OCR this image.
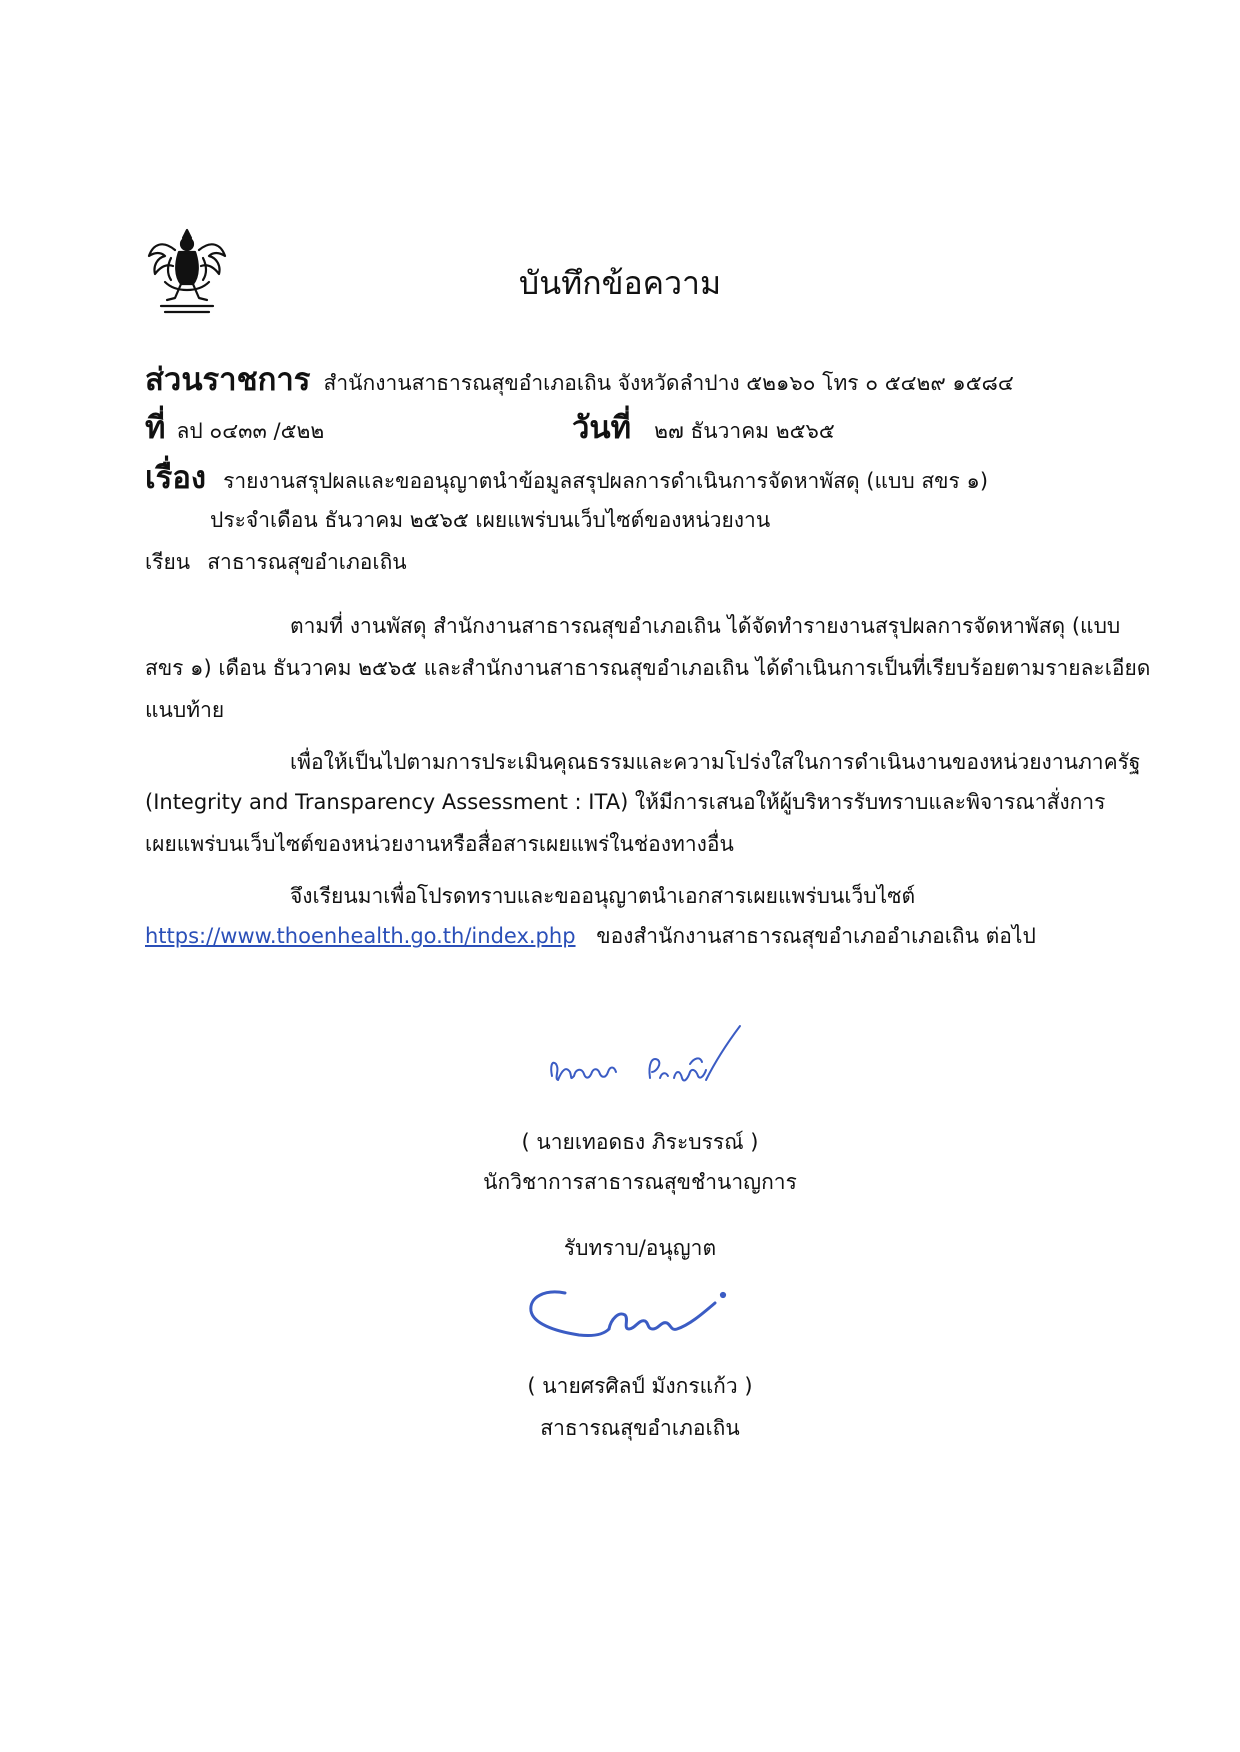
บันทึกข้อความ
ส่วนราชการ สำนักงานสาธารณสุขอำเภอเถิน จังหวัดลำปาง ๕๒๑๖๐ โทร ๐ ๕๔๒๙ ๑๕๘๔
ที่ ลป ๐๔๓๓ /๕๒๒	วันที่ ๒๗ ธันวาคม ๒๕๖๕
เรื่อง รายงานสรุปผลและขออนุญาตนำข้อมูลสรุปผลการดำเนินการจัดหาพัสดุ (แบบ สขร ๑)
ประจำเดือน ธันวาคม ๒๕๖๕ เผยแพร่บนเว็บไซต์ของหน่วยงาน
เรียน สาธารณสุขอำเภอเถิน
ตามที่ งานพัสดุ สำนักงานสาธารณสุขอำเภอเถิน ได้จัดทำรายงานสรุปผลการจัดหาพัสดุ (แบบ
สขร ๑) เดือน ธันวาคม ๒๕๖๕ และสำนักงานสาธารณสุขอำเภอเถิน ได้ดำเนินการเป็นที่เรียบร้อยตามรายละเอียด
แนบท้าย
เพื่อให้เป็นไปตามการประเมินคุณธรรมและความโปร่งใสในการดำเนินงานของหน่วยงานภาครัฐ
(Integrity and Transparency Assessment : ITA) ให้มีการเสนอให้ผู้บริหารรับทราบและพิจารณาสั่งการ
เผยแพร่บนเว็บไซต์ของหน่วยงานหรือสื่อสารเผยแพร่ในช่องทางอื่น
จึงเรียนมาเพื่อโปรดทราบและขออนุญาตนำเอกสารเผยแพร่บนเว็บไซต์
https://www.thoenhealth.go.th/index.php ของสำนักงานสาธารณสุขอำเภออำเภอเถิน ต่อไป
( นายเทอดธง ภิระบรรณ์ )
นักวิชาการสาธารณสุขชำนาญการ
รับทราบ/อนุญาต
( นายศรศิลป์ มังกรแก้ว )
สาธารณสุขอำเภอเถิน
